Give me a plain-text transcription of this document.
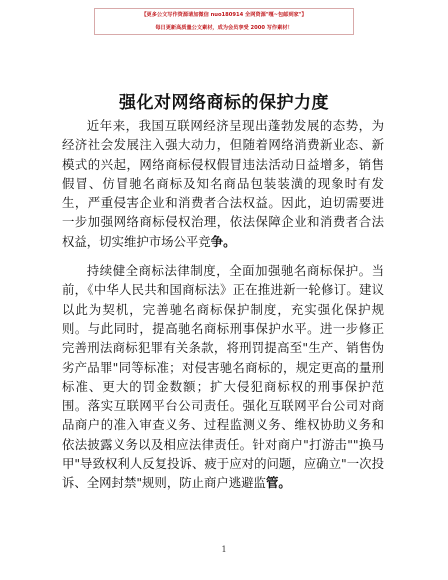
【更多公文写作资源请加微信 nuo180914 全网资源"嘎~包邮到家"】
每日更新高质量公文素材，成为会员享受 2000 写作素材！
强化对网络商标的保护力度

近年来，我国互联网经济呈现出蓬勃发展的态势，为经济社会发展注入强大动力，但随着网络消费新业态、新模式的兴起，网络商标侵权假冒违法活动日益增多，销售假冒、仿冒驰名商标及知名商品包装装潢的现象时有发生，严重侵害企业和消费者合法权益。因此，迫切需要进一步加强网络商标侵权治理，依法保障企业和消费者合法权益，切实维护市场公平竞争。

持续健全商标法律制度，全面加强驰名商标保护。当前，《中华人民共和国商标法》正在推进新一轮修订。建议以此为契机，完善驰名商标保护制度，充实强化保护规则。与此同时，提高驰名商标刑事保护水平。进一步修正完善刑法商标犯罪有关条款，将刑罚提高至"生产、销售伪劣产品罪"同等标准；对侵害驰名商标的，规定更高的量刑标准、更大的罚金数额；扩大侵犯商标权的刑事保护范围。落实互联网平台公司责任。强化互联网平台公司对商品商户的准入审查义务、过程监测义务、维权协助义务和依法披露义务以及相应法律责任。针对商户"打游击""换马甲"导致权利人反复投诉、疲于应对的问题，应确立"一次投诉、全网封禁"规则，防止商户逃避监管。

1
